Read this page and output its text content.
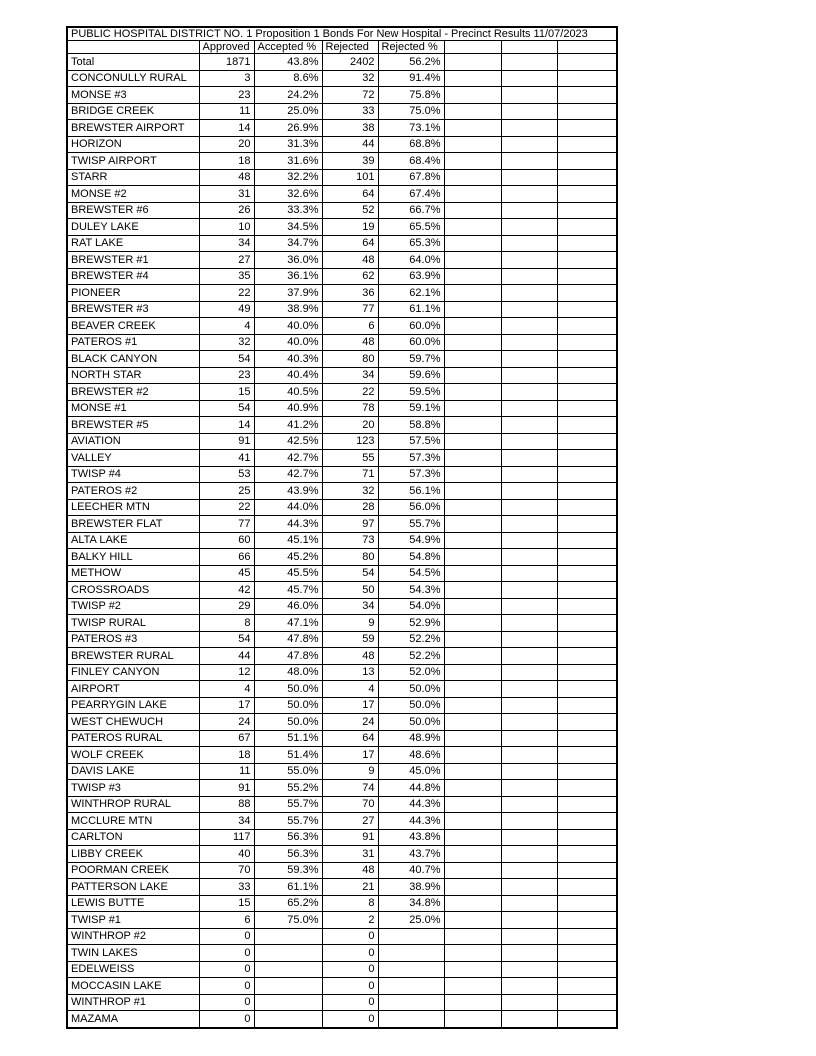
PUBLIC HOSPITAL DISTRICT NO. 1 Proposition 1 Bonds For New Hospital - Precinct Results 11/07/2023							
	Approved	Accepted %	Rejected	Rejected %			
Total	1871	43.8%	2402	56.2%			
CONCONULLY RURAL	3	8.6%	32	91.4%			
MONSE #3	23	24.2%	72	75.8%			
BRIDGE CREEK	11	25.0%	33	75.0%			
BREWSTER AIRPORT	14	26.9%	38	73.1%			
HORIZON	20	31.3%	44	68.8%			
TWISP AIRPORT	18	31.6%	39	68.4%			
STARR	48	32.2%	101	67.8%			
MONSE #2	31	32.6%	64	67.4%			
BREWSTER #6	26	33.3%	52	66.7%			
DULEY LAKE	10	34.5%	19	65.5%			
RAT LAKE	34	34.7%	64	65.3%			
BREWSTER #1	27	36.0%	48	64.0%			
BREWSTER #4	35	36.1%	62	63.9%			
PIONEER	22	37.9%	36	62.1%			
BREWSTER #3	49	38.9%	77	61.1%			
BEAVER CREEK	4	40.0%	6	60.0%			
PATEROS #1	32	40.0%	48	60.0%			
BLACK CANYON	54	40.3%	80	59.7%			
NORTH STAR	23	40.4%	34	59.6%			
BREWSTER #2	15	40.5%	22	59.5%			
MONSE #1	54	40.9%	78	59.1%			
BREWSTER #5	14	41.2%	20	58.8%			
AVIATION	91	42.5%	123	57.5%			
VALLEY	41	42.7%	55	57.3%			
TWISP #4	53	42.7%	71	57.3%			
PATEROS #2	25	43.9%	32	56.1%			
LEECHER MTN	22	44.0%	28	56.0%			
BREWSTER FLAT	77	44.3%	97	55.7%			
ALTA LAKE	60	45.1%	73	54.9%			
BALKY HILL	66	45.2%	80	54.8%			
METHOW	45	45.5%	54	54.5%			
CROSSROADS	42	45.7%	50	54.3%			
TWISP #2	29	46.0%	34	54.0%			
TWISP RURAL	8	47.1%	9	52.9%			
PATEROS #3	54	47.8%	59	52.2%			
BREWSTER RURAL	44	47.8%	48	52.2%			
FINLEY CANYON	12	48.0%	13	52.0%			
AIRPORT	4	50.0%	4	50.0%			
PEARRYGIN LAKE	17	50.0%	17	50.0%			
WEST CHEWUCH	24	50.0%	24	50.0%			
PATEROS RURAL	67	51.1%	64	48.9%			
WOLF CREEK	18	51.4%	17	48.6%			
DAVIS LAKE	11	55.0%	9	45.0%			
TWISP #3	91	55.2%	74	44.8%			
WINTHROP RURAL	88	55.7%	70	44.3%			
MCCLURE MTN	34	55.7%	27	44.3%			
CARLTON	117	56.3%	91	43.8%			
LIBBY CREEK	40	56.3%	31	43.7%			
POORMAN CREEK	70	59.3%	48	40.7%			
PATTERSON LAKE	33	61.1%	21	38.9%			
LEWIS BUTTE	15	65.2%	8	34.8%			
TWISP #1	6	75.0%	2	25.0%			
WINTHROP #2	0		0				
TWIN LAKES	0		0				
EDELWEISS	0		0				
MOCCASIN LAKE	0		0				
WINTHROP #1	0		0				
MAZAMA	0		0				
